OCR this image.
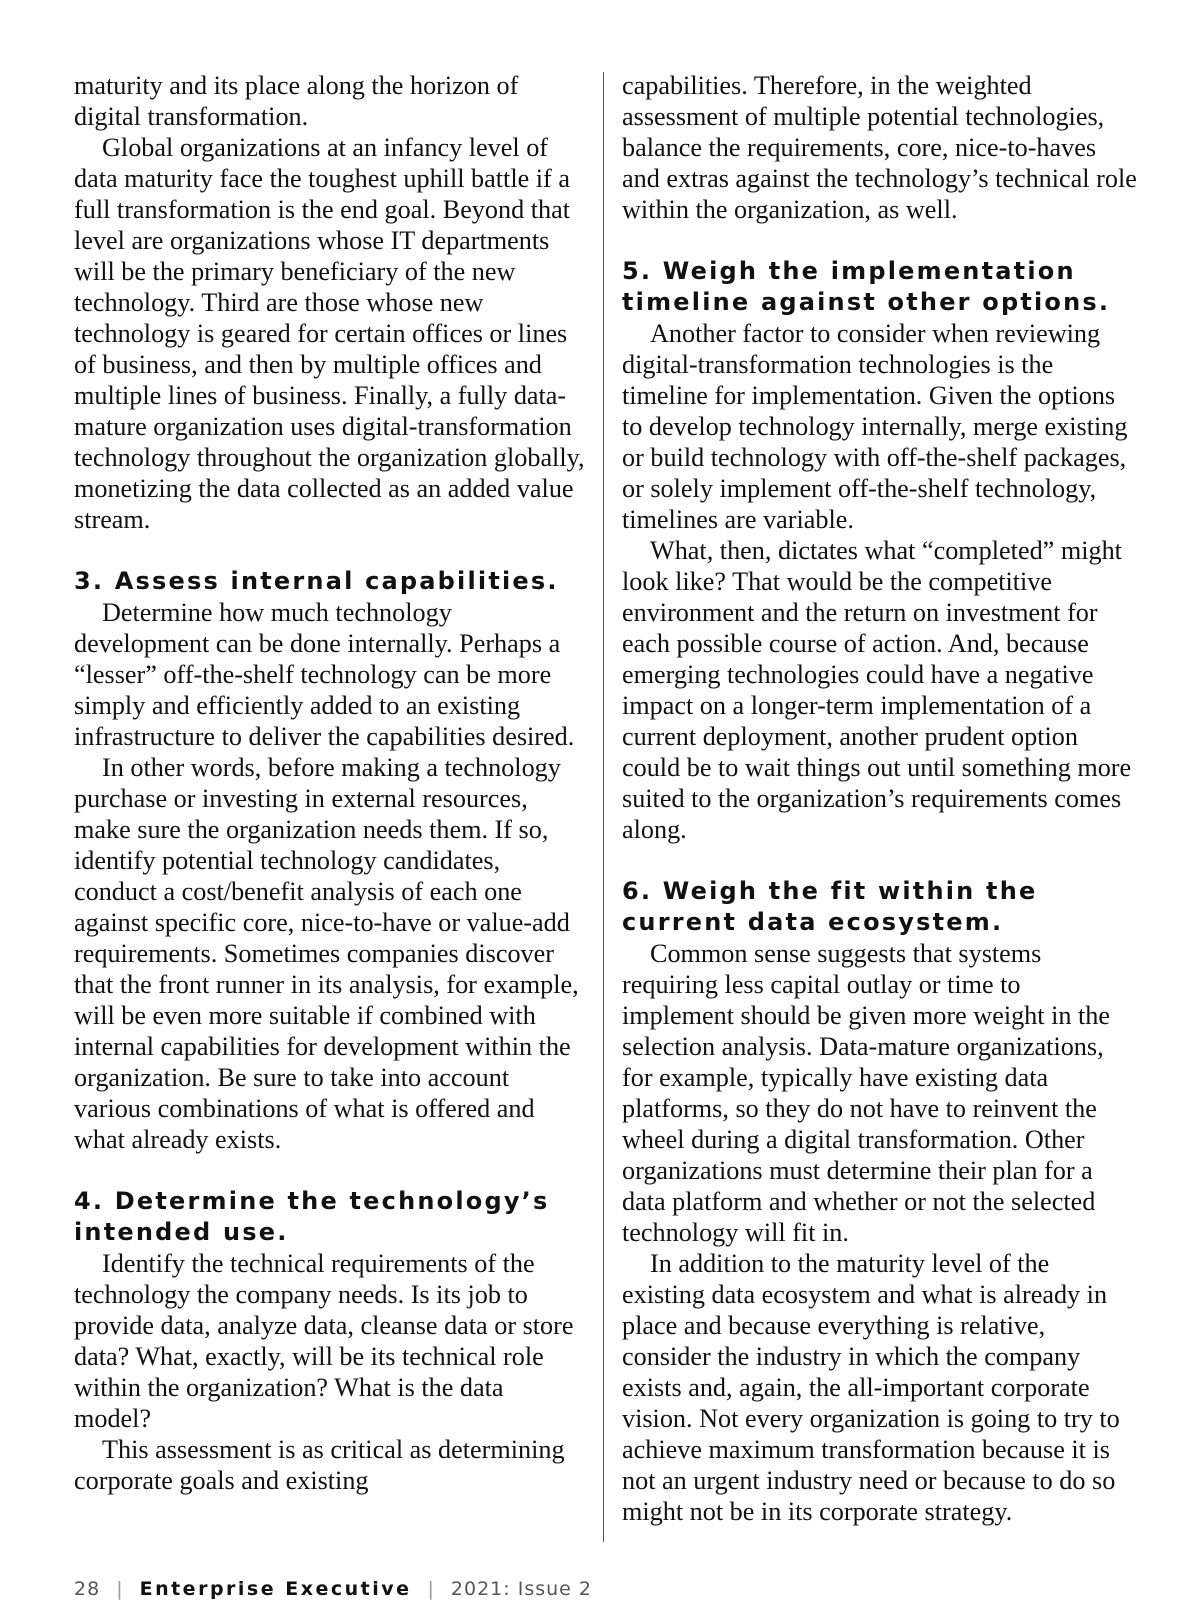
maturity and its place along the horizon of digital transformation.

Global organizations at an infancy level of data maturity face the toughest uphill battle if a full transformation is the end goal. Beyond that level are organizations whose IT departments will be the primary beneficiary of the new technology. Third are those whose new technology is geared for certain offices or lines of business, and then by multiple offices and multiple lines of business. Finally, a fully data-mature organization uses digital-transformation technology throughout the organization globally, monetizing the data collected as an added value stream.

3. Assess internal capabilities.

Determine how much technology development can be done internally. Perhaps a “lesser” off-the-shelf technology can be more simply and efficiently added to an existing infrastructure to deliver the capabilities desired.

In other words, before making a technology purchase or investing in external resources, make sure the organization needs them. If so, identify potential technology candidates, conduct a cost/benefit analysis of each one against specific core, nice-to-have or value-add requirements. Sometimes companies discover that the front runner in its analysis, for example, will be even more suitable if combined with internal capabilities for development within the organization. Be sure to take into account various combinations of what is offered and what already exists.

4. Determine the technology’s intended use.

Identify the technical requirements of the technology the company needs. Is its job to provide data, analyze data, cleanse data or store data? What, exactly, will be its technical role within the organization? What is the data model?

This assessment is as critical as determining corporate goals and existing

capabilities. Therefore, in the weighted assessment of multiple potential technologies, balance the requirements, core, nice-to-haves and extras against the technology’s technical role within the organization, as well.

5. Weigh the implementation timeline against other options.

Another factor to consider when reviewing digital-transformation technologies is the timeline for implementation. Given the options to develop technology internally, merge existing or build technology with off-the-shelf packages, or solely implement off-the-shelf technology, timelines are variable.

What, then, dictates what “completed” might look like? That would be the competitive environment and the return on investment for each possible course of action. And, because emerging technologies could have a negative impact on a longer-term implementation of a current deployment, another prudent option could be to wait things out until something more suited to the organization’s requirements comes along.

6. Weigh the fit within the current data ecosystem.

Common sense suggests that systems requiring less capital outlay or time to implement should be given more weight in the selection analysis. Data-mature organizations, for example, typically have existing data platforms, so they do not have to reinvent the wheel during a digital transformation. Other organizations must determine their plan for a data platform and whether or not the selected technology will fit in.

In addition to the maturity level of the existing data ecosystem and what is already in place and because everything is relative, consider the industry in which the company exists and, again, the all-important corporate vision. Not every organization is going to try to achieve maximum transformation because it is not an urgent industry need or because to do so might not be in its corporate strategy.

28 | Enterprise Executive | 2021: Issue 2
